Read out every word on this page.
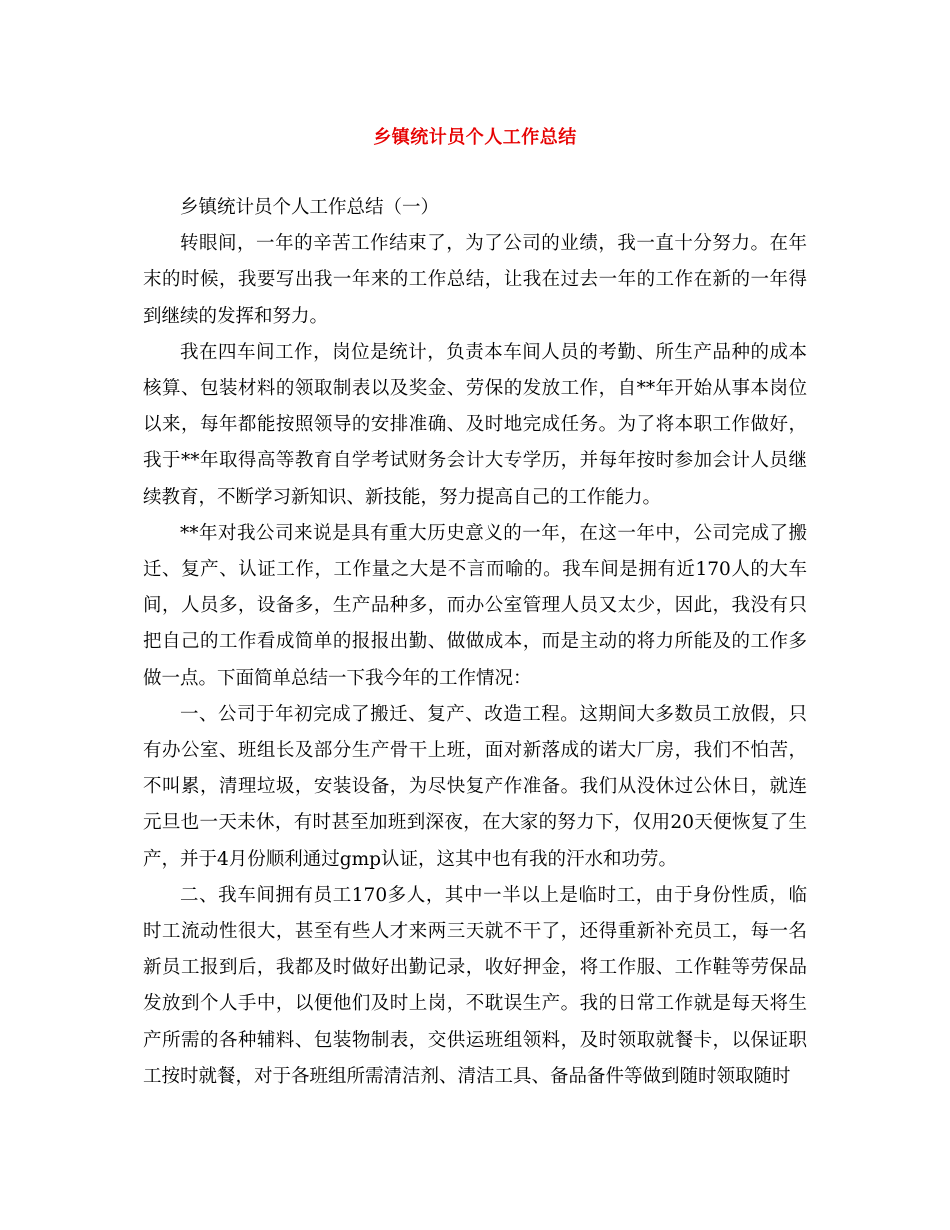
乡镇统计员个人工作总结

乡镇统计员个人工作总结（一）

转眼间，一年的辛苦工作结束了，为了公司的业绩，我一直十分努力。在年末的时候，我要写出我一年来的工作总结，让我在过去一年的工作在新的一年得到继续的发挥和努力。

我在四车间工作，岗位是统计，负责本车间人员的考勤、所生产品种的成本核算、包装材料的领取制表以及奖金、劳保的发放工作，自**年开始从事本岗位以来，每年都能按照领导的安排准确、及时地完成任务。为了将本职工作做好，我于**年取得高等教育自学考试财务会计大专学历，并每年按时参加会计人员继续教育，不断学习新知识、新技能，努力提高自己的工作能力。

**年对我公司来说是具有重大历史意义的一年，在这一年中，公司完成了搬迁、复产、认证工作，工作量之大是不言而喻的。我车间是拥有近170人的大车间，人员多，设备多，生产品种多，而办公室管理人员又太少，因此，我没有只把自己的工作看成简单的报报出勤、做做成本，而是主动的将力所能及的工作多做一点。下面简单总结一下我今年的工作情况：

一、公司于年初完成了搬迁、复产、改造工程。这期间大多数员工放假，只有办公室、班组长及部分生产骨干上班，面对新落成的诺大厂房，我们不怕苦，不叫累，清理垃圾，安装设备，为尽快复产作准备。我们从没休过公休日，就连元旦也一天未休，有时甚至加班到深夜，在大家的努力下，仅用20天便恢复了生产，并于4月份顺利通过gmp认证，这其中也有我的汗水和功劳。

二、我车间拥有员工170多人，其中一半以上是临时工，由于身份性质，临时工流动性很大，甚至有些人才来两三天就不干了，还得重新补充员工，每一名新员工报到后，我都及时做好出勤记录，收好押金，将工作服、工作鞋等劳保品发放到个人手中，以便他们及时上岗，不耽误生产。我的日常工作就是每天将生产所需的各种辅料、包装物制表，交供运班组领料，及时领取就餐卡，以保证职工按时就餐，对于各班组所需清洁剂、清洁工具、备品备件等做到随时领取随时
